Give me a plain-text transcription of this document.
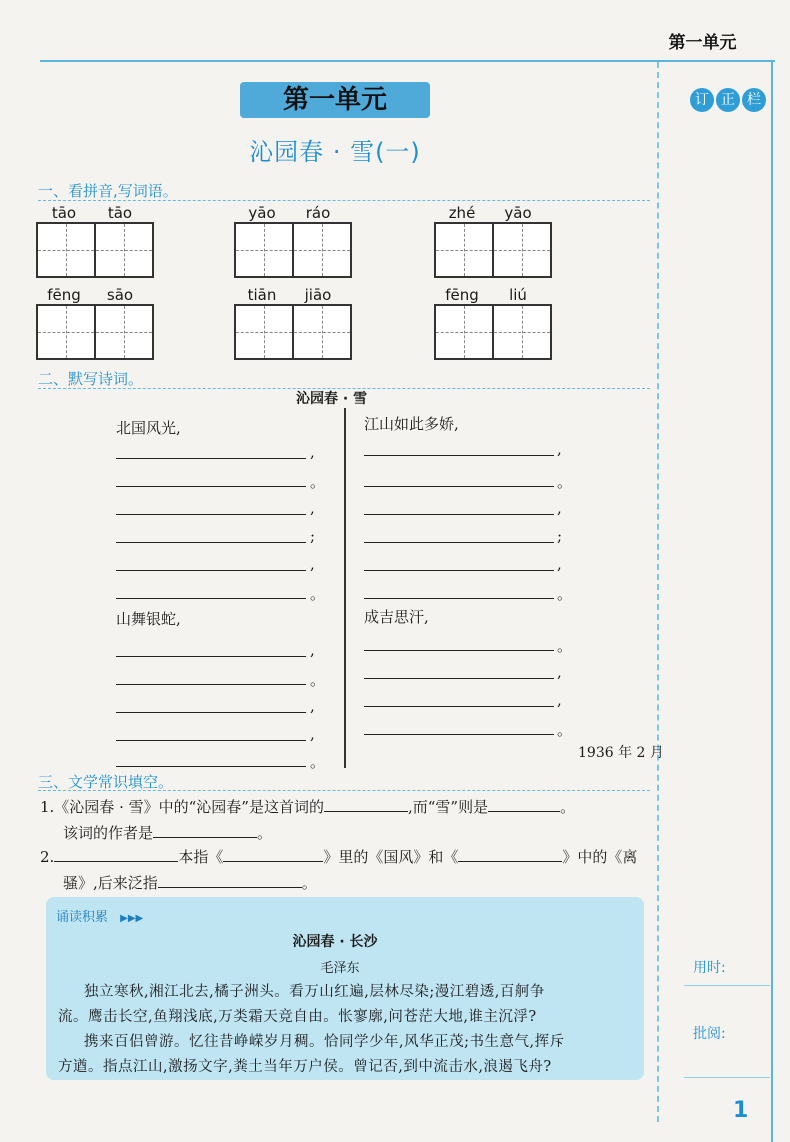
第一单元
订 正 栏
用时:
批阅:
1
第一单元
沁园春 · 雪(一)
一、看拼音,写词语。
tāo	tāo	yāo	ráo	zhé	yāo
fēng	sāo	tiān	jiāo	fēng	liú
二、默写诗词。
沁园春 · 雪
北国风光,
,
。
,
;
,
。
山舞银蛇,
,
。
,
,
。
江山如此多娇,
,
。
,
;
,
。
成吉思汗,
。
,
,
。
1936 年 2 月
三、文学常识填空。
1.《沁园春 · 雪》中的“沁园春”是这首词的	,而“雪”则是	。
该词的作者是	。
2.	本指《	》里的《国风》和《	》中的《离
骚》,后来泛指	。
诵读积累 ▶▶▶
沁园春 · 长沙
毛泽东
独立寒秋,湘江北去,橘子洲头。看万山红遍,层林尽染;漫江碧透,百舸争
流。鹰击长空,鱼翔浅底,万类霜天竞自由。怅寥廓,问苍茫大地,谁主沉浮?
携来百侣曾游。忆往昔峥嵘岁月稠。恰同学少年,风华正茂;书生意气,挥斥
方遒。指点江山,激扬文字,粪土当年万户侯。曾记否,到中流击水,浪遏飞舟?
